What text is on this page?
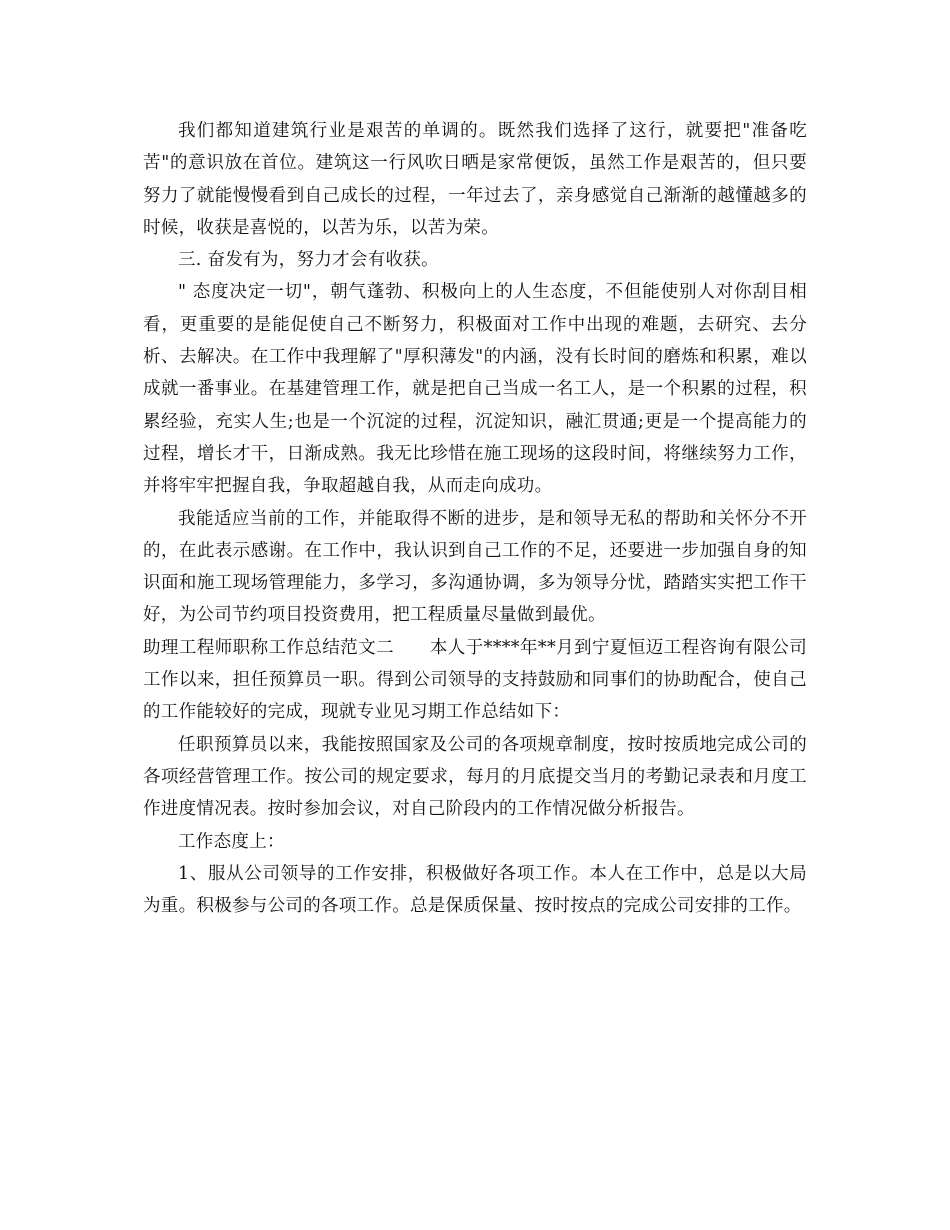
我们都知道建筑行业是艰苦的单调的。既然我们选择了这行，就要把"准备吃苦"的意识放在首位。建筑这一行风吹日晒是家常便饭，虽然工作是艰苦的，但只要努力了就能慢慢看到自己成长的过程，一年过去了，亲身感觉自己渐渐的越懂越多的时候，收获是喜悦的，以苦为乐，以苦为荣。

三. 奋发有为，努力才会有收获。

" 态度决定一切"，朝气蓬勃、积极向上的人生态度，不但能使别人对你刮目相看，更重要的是能促使自己不断努力，积极面对工作中出现的难题，去研究、去分析、去解决。在工作中我理解了"厚积薄发"的内涵，没有长时间的磨炼和积累，难以成就一番事业。在基建管理工作，就是把自己当成一名工人，是一个积累的过程，积累经验，充实人生;也是一个沉淀的过程，沉淀知识，融汇贯通;更是一个提高能力的过程，增长才干，日渐成熟。我无比珍惜在施工现场的这段时间，将继续努力工作，并将牢牢把握自我，争取超越自我，从而走向成功。

我能适应当前的工作，并能取得不断的进步，是和领导无私的帮助和关怀分不开的，在此表示感谢。在工作中，我认识到自己工作的不足，还要进一步加强自身的知识面和施工现场管理能力，多学习，多沟通协调，多为领导分忧，踏踏实实把工作干好，为公司节约项目投资费用，把工程质量尽量做到最优。

助理工程师职称工作总结范文二　　本人于****年**月到宁夏恒迈工程咨询有限公司工作以来，担任预算员一职。得到公司领导的支持鼓励和同事们的协助配合，使自己的工作能较好的完成，现就专业见习期工作总结如下：

任职预算员以来，我能按照国家及公司的各项规章制度，按时按质地完成公司的各项经营管理工作。按公司的规定要求，每月的月底提交当月的考勤记录表和月度工作进度情况表。按时参加会议，对自己阶段内的工作情况做分析报告。

工作态度上：

1、服从公司领导的工作安排，积极做好各项工作。本人在工作中，总是以大局为重。积极参与公司的各项工作。总是保质保量、按时按点的完成公司安排的工作。
